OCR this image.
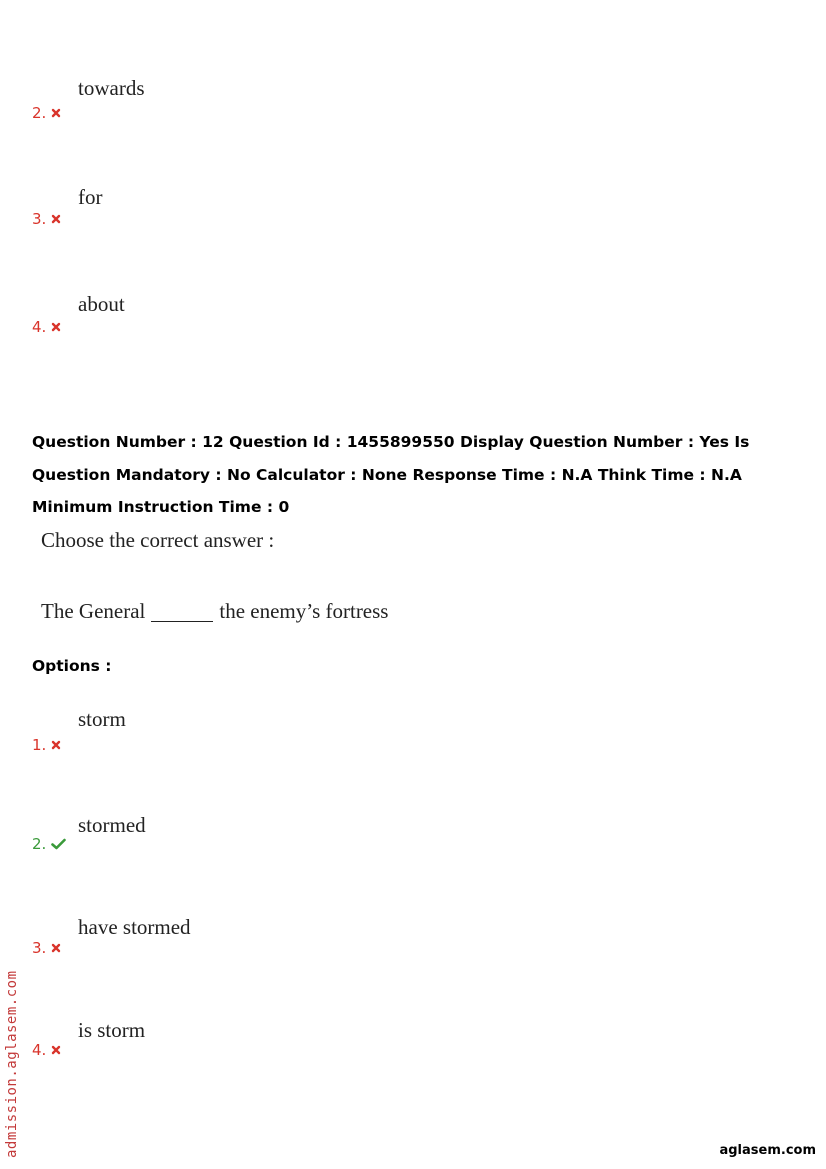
towards
2.
for
3.
about
4.
Question Number : 12 Question Id : 1455899550 Display Question Number : Yes Is Question Mandatory : No Calculator : None Response Time : N.A Think Time : N.A Minimum Instruction Time : 0
Choose the correct answer :
The General	the enemy’s fortress
Options :
storm
1.
stormed
2.
have stormed
3.
is storm
4.
admission.aglasem.com	aglasem.com
